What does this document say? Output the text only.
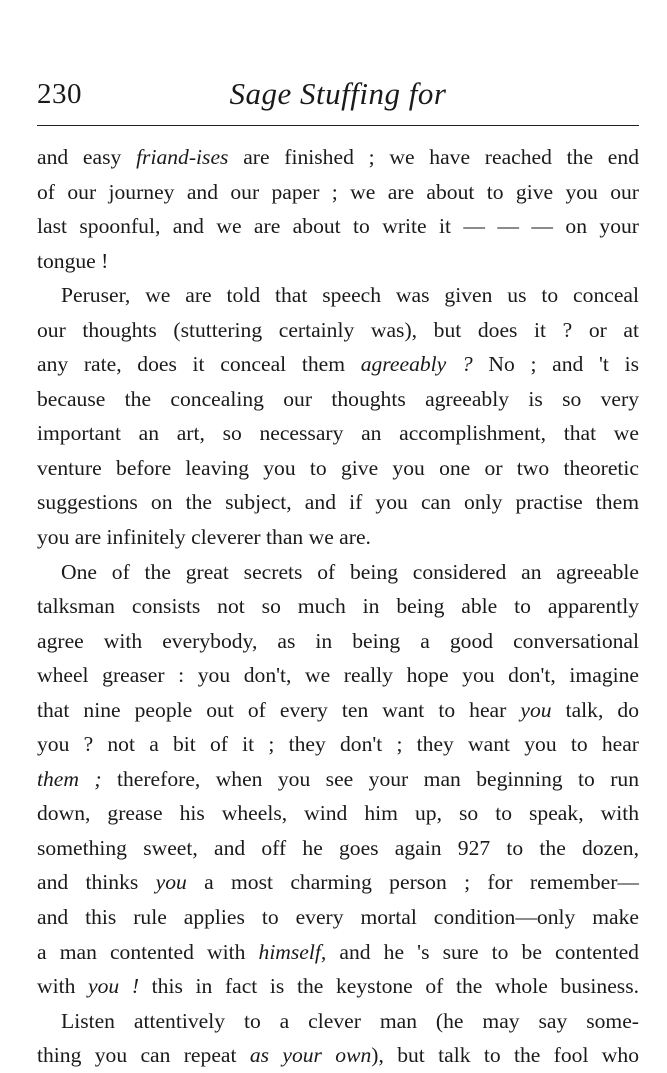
230	Sage Stuffing for
and easy friand-ises are finished ; we have reached the end
of our journey and our paper ; we are about to give you our
last spoonful, and we are about to write it — — — on your
tongue !
Peruser, we are told that speech was given us to conceal
our thoughts (stuttering certainly was), but does it ? or at
any rate, does it conceal them agreeably ? No ; and 't is
because the concealing our thoughts agreeably is so very
important an art, so necessary an accomplishment, that we
venture before leaving you to give you one or two theoretic
suggestions on the subject, and if you can only practise them
you are infinitely cleverer than we are.
One of the great secrets of being considered an agreeable
talksman consists not so much in being able to apparently
agree with everybody, as in being a good conversational
wheel greaser : you don't, we really hope you don't, imagine
that nine people out of every ten want to hear you talk, do
you ? not a bit of it ; they don't ; they want you to hear
them ; therefore, when you see your man beginning to run
down, grease his wheels, wind him up, so to speak, with
something sweet, and off he goes again 927 to the dozen,
and thinks you a most charming person ; for remember—
and this rule applies to every mortal condition—only make
a man contented with himself, and he 's sure to be contented
with you ! this in fact is the keystone of the whole business.
Listen attentively to a clever man (he may say some-
thing you can repeat as your own), but talk to the fool who
